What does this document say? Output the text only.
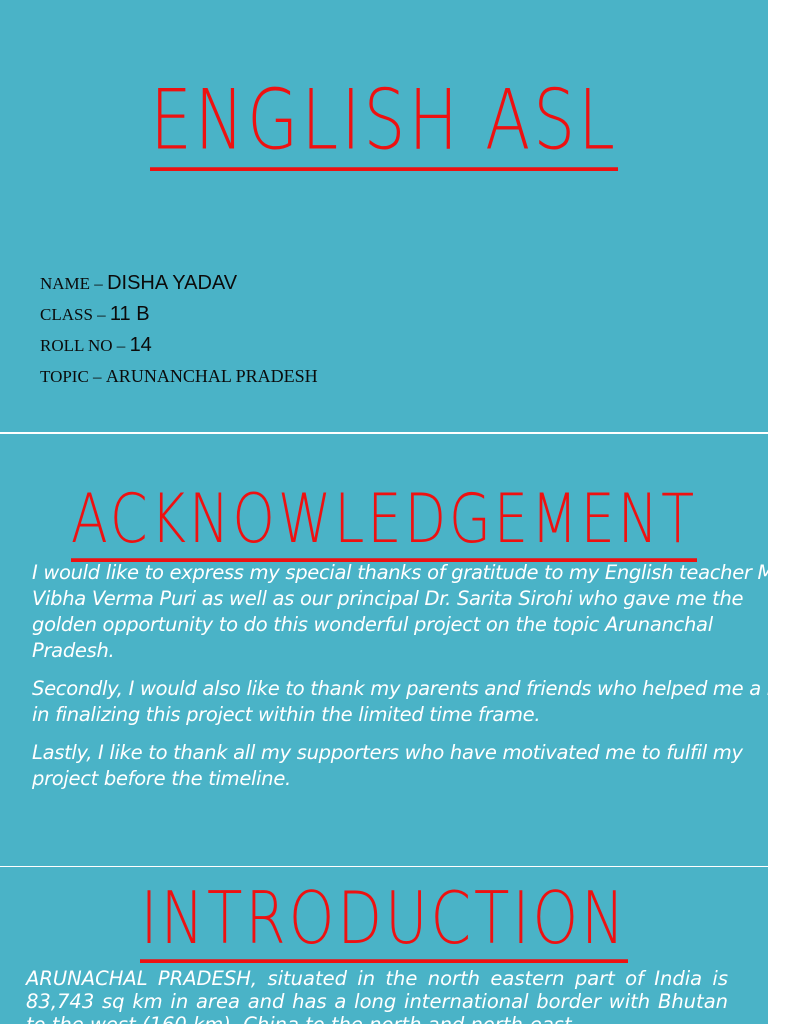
ENGLISH ASL
NAME – DISHA YADAV
CLASS – 11 B
ROLL NO – 14
TOPIC – ARUNANCHAL PRADESH
ACKNOWLEDGEMENT

I would like to express my special thanks of gratitude to my English teacher Mrs Vibha Verma Puri as well as our principal Dr. Sarita Sirohi who gave me the golden opportunity to do this wonderful project on the topic Arunanchal Pradesh.

Secondly, I would also like to thank my parents and friends who helped me a lot in finalizing this project within the limited time frame.

Lastly, I like to thank all my supporters who have motivated me to fulfil my project before the timeline.

INTRODUCTION

ARUNACHAL PRADESH, situated in the north eastern part of India is 83,743 sq km in area and has a long international border with Bhutan to the west (160 km), China to the north and north-east
